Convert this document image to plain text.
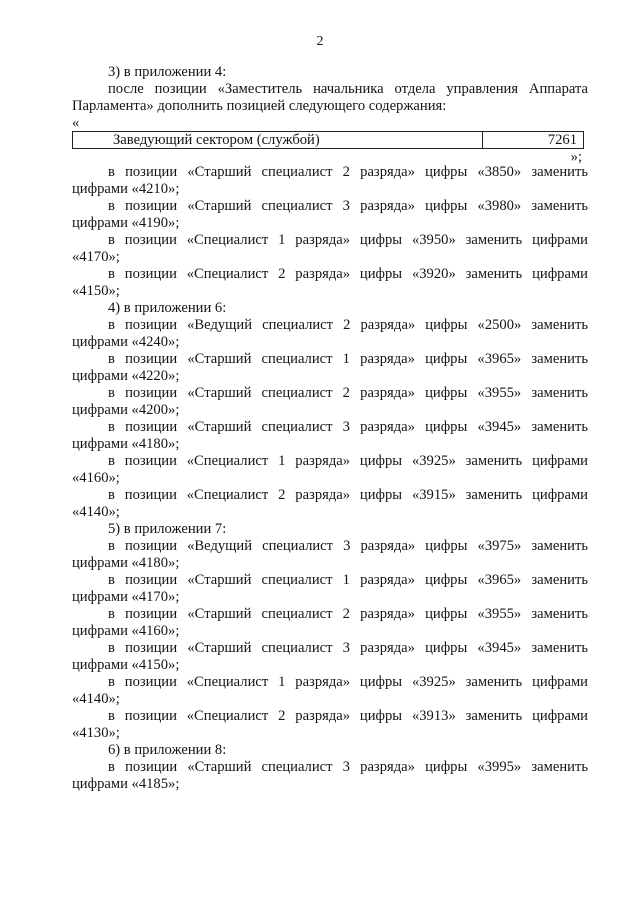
2

3) в приложении 4:

после позиции «Заместитель начальника отдела управления Аппарата Парламента» дополнить позицией следующего содержания:

«
Заведующий сектором (службой)	7261
»;

в позиции «Старший специалист 2 разряда» цифры «3850» заменить

цифрами «4210»;

в позиции «Старший специалист 3 разряда» цифры «3980» заменить

цифрами «4190»;

в позиции «Специалист 1 разряда» цифры «3950» заменить цифрами

«4170»;

в позиции «Специалист 2 разряда» цифры «3920» заменить цифрами

«4150»;

4) в приложении 6:

в позиции «Ведущий специалист 2 разряда» цифры «2500» заменить

цифрами «4240»;

в позиции «Старший специалист 1 разряда» цифры «3965» заменить

цифрами «4220»;

в позиции «Старший специалист 2 разряда» цифры «3955» заменить

цифрами «4200»;

в позиции «Старший специалист 3 разряда» цифры «3945» заменить

цифрами «4180»;

в позиции «Специалист 1 разряда» цифры «3925» заменить цифрами

«4160»;

в позиции «Специалист 2 разряда» цифры «3915» заменить цифрами

«4140»;

5) в приложении 7:

в позиции «Ведущий специалист 3 разряда» цифры «3975» заменить

цифрами «4180»;

в позиции «Старший специалист 1 разряда» цифры «3965» заменить

цифрами «4170»;

в позиции «Старший специалист 2 разряда» цифры «3955» заменить

цифрами «4160»;

в позиции «Старший специалист 3 разряда» цифры «3945» заменить

цифрами «4150»;

в позиции «Специалист 1 разряда» цифры «3925» заменить цифрами

«4140»;

в позиции «Специалист 2 разряда» цифры «3913» заменить цифрами

«4130»;

6) в приложении 8:

в позиции «Старший специалист 3 разряда» цифры «3995» заменить

цифрами «4185»;
